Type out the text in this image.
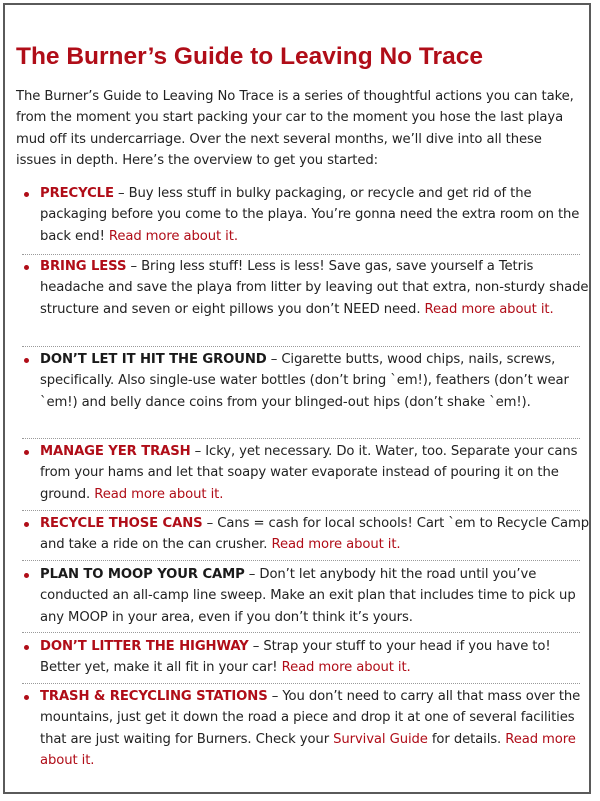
The Burner’s Guide to Leaving No Trace

The Burner’s Guide to Leaving No Trace is a series of thoughtful actions you can take, from the moment you start packing your car to the moment you hose the last playa mud off its undercarriage. Over the next several months, we’ll dive into all these issues in depth. Here’s the overview to get you started:

PRECYCLE – Buy less stuff in bulky packaging, or recycle and get rid of the packaging before you come to the playa. You’re gonna need the extra room on the back end! Read more about it.
BRING LESS – Bring less stuff! Less is less! Save gas, save yourself a Tetris headache and save the playa from litter by leaving out that extra, non-sturdy shade structure and seven or eight pillows you don’t NEED need. Read more about it.
DON’T LET IT HIT THE GROUND – Cigarette butts, wood chips, nails, screws, specifically. Also single-use water bottles (don’t bring `em!), feathers (don’t wear `em!) and belly dance coins from your blinged-out hips (don’t shake `em!).
MANAGE YER TRASH – Icky, yet necessary. Do it. Water, too. Separate your cans from your hams and let that soapy water evaporate instead of pouring it on the ground. Read more about it.
RECYCLE THOSE CANS – Cans = cash for local schools! Cart `em to Recycle Camp and take a ride on the can crusher. Read more about it.
PLAN TO MOOP YOUR CAMP – Don’t let anybody hit the road until you’ve conducted an all-camp line sweep. Make an exit plan that includes time to pick up any MOOP in your area, even if you don’t think it’s yours.
DON’T LITTER THE HIGHWAY – Strap your stuff to your head if you have to! Better yet, make it all fit in your car! Read more about it.
TRASH & RECYCLING STATIONS – You don’t need to carry all that mass over the mountains, just get it down the road a piece and drop it at one of several facilities that are just waiting for Burners. Check your Survival Guide for details. Read more about it.
